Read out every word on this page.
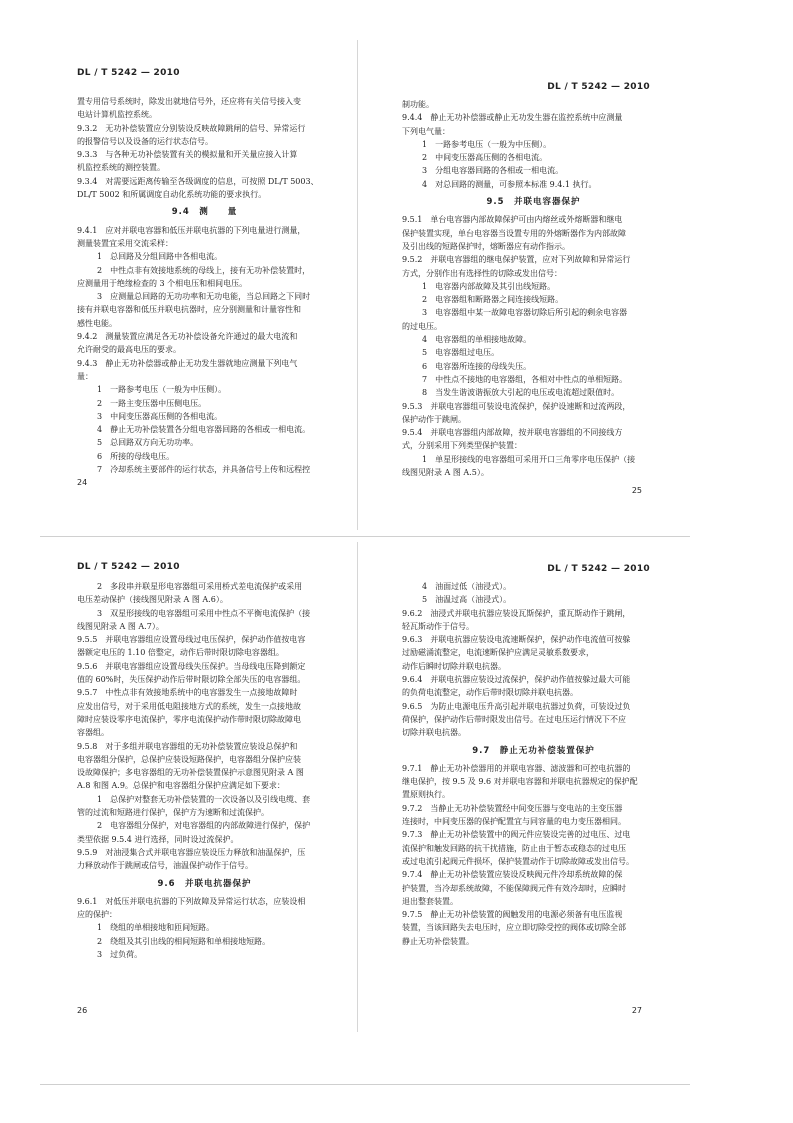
DL / T 5242 — 2010

置专用信号系统时，除发出就地信号外，还应将有关信号接入变

电站计算机监控系统。

9.3.2　无功补偿装置应分别装设反映故障跳闸的信号、异常运行

的报警信号以及设备的运行状态信号。

9.3.3　与各种无功补偿装置有关的模拟量和开关量应接入计算

机监控系统的测控装置。

9.3.4　对需要远距离传输至各级调度的信息，可按照 DL/T 5003、

DL/T 5002 和所属调度自动化系统功能的要求执行。

9.4　测　　量

9.4.1　应对并联电容器和低压并联电抗器的下列电量进行测量，

测量装置宜采用交流采样：

1　总回路及分组回路中各相电流。

2　中性点非有效接地系统的母线上，接有无功补偿装置时，

应测量用于绝缘检查的 3 个相电压和相间电压。

3　应测量总回路的无功功率和无功电能，当总回路之下同时

接有并联电容器和低压并联电抗器时，应分别测量和计量容性和

感性电能。

9.4.2　测量装置应满足各无功补偿设备允许通过的最大电流和

允许耐受的最高电压的要求。

9.4.3　静止无功补偿器或静止无功发生器就地应测量下列电气

量：

1　一路参考电压（一般为中压侧）。

2　一路主变压器中压侧电压。

3　中间变压器高压侧的各相电流。

4　静止无功补偿装置各分组电容器回路的各相或一相电流。

5　总回路双方向无功功率。

6　所接的母线电压。

7　冷却系统主要部件的运行状态，并具备信号上传和远程控

24
DL / T 5242 — 2010

制功能。

9.4.4　静止无功补偿器或静止无功发生器在监控系统中应测量

下列电气量：

1　一路参考电压（一般为中压侧）。

2　中间变压器高压侧的各相电流。

3　分组电容器回路的各相或一相电流。

4　对总回路的测量，可参照本标准 9.4.1 执行。

9.5　并联电容器保护

9.5.1　单台电容器内部故障保护可由内熔丝或外熔断器和继电

保护装置实现，单台电容器当设置专用的外熔断器作为内部故障

及引出线的短路保护时，熔断器应有动作指示。

9.5.2　并联电容器组的继电保护装置，应对下列故障和异常运行

方式，分别作出有选择性的切除或发出信号：

1　电容器内部故障及其引出线短路。

2　电容器组和断路器之间连接线短路。

3　电容器组中某一故障电容器切除后所引起的剩余电容器

的过电压。

4　电容器组的单相接地故障。

5　电容器组过电压。

6　电容器所连接的母线失压。

7　中性点不接地的电容器组，各相对中性点的单相短路。

8　当发生谐波谐振放大引起的电压或电流超过限值时。

9.5.3　并联电容器组可装设电流保护，保护设速断和过流两段，

保护动作于跳闸。

9.5.4　并联电容器组内部故障，按并联电容器组的不同接线方

式，分别采用下列类型保护装置：

1　单星形接线的电容器组可采用开口三角零序电压保护（接

线图见附录 A 图 A.5）。

25
DL / T 5242 — 2010

2　多段串并联星形电容器组可采用桥式差电流保护或采用

电压差动保护（接线图见附录 A 图 A.6）。

3　双星形接线的电容器组可采用中性点不平衡电流保护（接

线图见附录 A 图 A.7）。

9.5.5　并联电容器组应设置母线过电压保护，保护动作值按电容

器额定电压的 1.10 倍整定，动作后带时限切除电容器组。

9.5.6　并联电容器组应设置母线失压保护。当母线电压降到额定

值的 60%时，失压保护动作后带时限切除全部失压的电容器组。

9.5.7　中性点非有效接地系统中的电容器发生一点接地故障时

应发出信号，对于采用低电阻接地方式的系统，发生一点接地故

障时应装设零序电流保护，零序电流保护动作带时限切除故障电

容器组。

9.5.8　对于多组并联电容器组的无功补偿装置应装设总保护和

电容器组分保护，总保护应装设短路保护，电容器组分保护应装

设故障保护；多电容器组的无功补偿装置保护示意图见附录 A 图

A.8 和图 A.9。总保护和电容器组分保护应满足如下要求：

1　总保护对整套无功补偿装置的一次设备以及引线电缆、套

管的过流和短路进行保护，保护方为速断和过流保护。

2　电容器组分保护，对电容器组的内部故障进行保护，保护

类型依据 9.5.4 进行选择，同时设过流保护。

9.5.9　对油浸集合式并联电容器应装设压力释放和油温保护，压

力释放动作于跳闸或信号，油温保护动作于信号。

9.6　并联电抗器保护

9.6.1　对低压并联电抗器的下列故障及异常运行状态，应装设相

应的保护：

1　绕组的单相接地和匝间短路。

2　绕组及其引出线的相间短路和单相接地短路。

3　过负荷。

26
DL / T 5242 — 2010

4　油面过低（油浸式）。

5　油温过高（油浸式）。

9.6.2　油浸式并联电抗器应装设瓦斯保护，重瓦斯动作于跳闸，

轻瓦斯动作于信号。

9.6.3　并联电抗器应装设电流速断保护，保护动作电流值可按躲

过励磁涌流整定，电流速断保护应满足灵敏系数要求，

动作后瞬时切除并联电抗器。

9.6.4　并联电抗器应装设过流保护，保护动作值按躲过最大可能

的负荷电流整定，动作后带时限切除并联电抗器。

9.6.5　为防止电源电压升高引起并联电抗器过负荷，可装设过负

荷保护，保护动作后带时限发出信号。在过电压运行情况下不应

切除并联电抗器。

9.7　静止无功补偿装置保护

9.7.1　静止无功补偿器用的并联电容器、滤波器和可控电抗器的

继电保护，按 9.5 及 9.6 对并联电容器和并联电抗器规定的保护配

置原则执行。

9.7.2　当静止无功补偿装置经中间变压器与变电站的主变压器

连接时，中间变压器的保护配置宜与同容量的电力变压器相同。

9.7.3　静止无功补偿装置中的阀元件应装设完善的过电压、过电

流保护和触发回路的抗干扰措施，防止由于暂态或稳态的过电压

或过电流引起阀元件损坏，保护装置动作于切除故障或发出信号。

9.7.4　静止无功补偿装置应装设反映阀元件冷却系统故障的保

护装置，当冷却系统故障，不能保障阀元件有效冷却时，应瞬时

退出整套装置。

9.7.5　静止无功补偿装置的阀触发用的电源必须备有电压监视

装置，当该回路失去电压时，应立即切除受控的阀体或切除全部

静止无功补偿装置。

27
